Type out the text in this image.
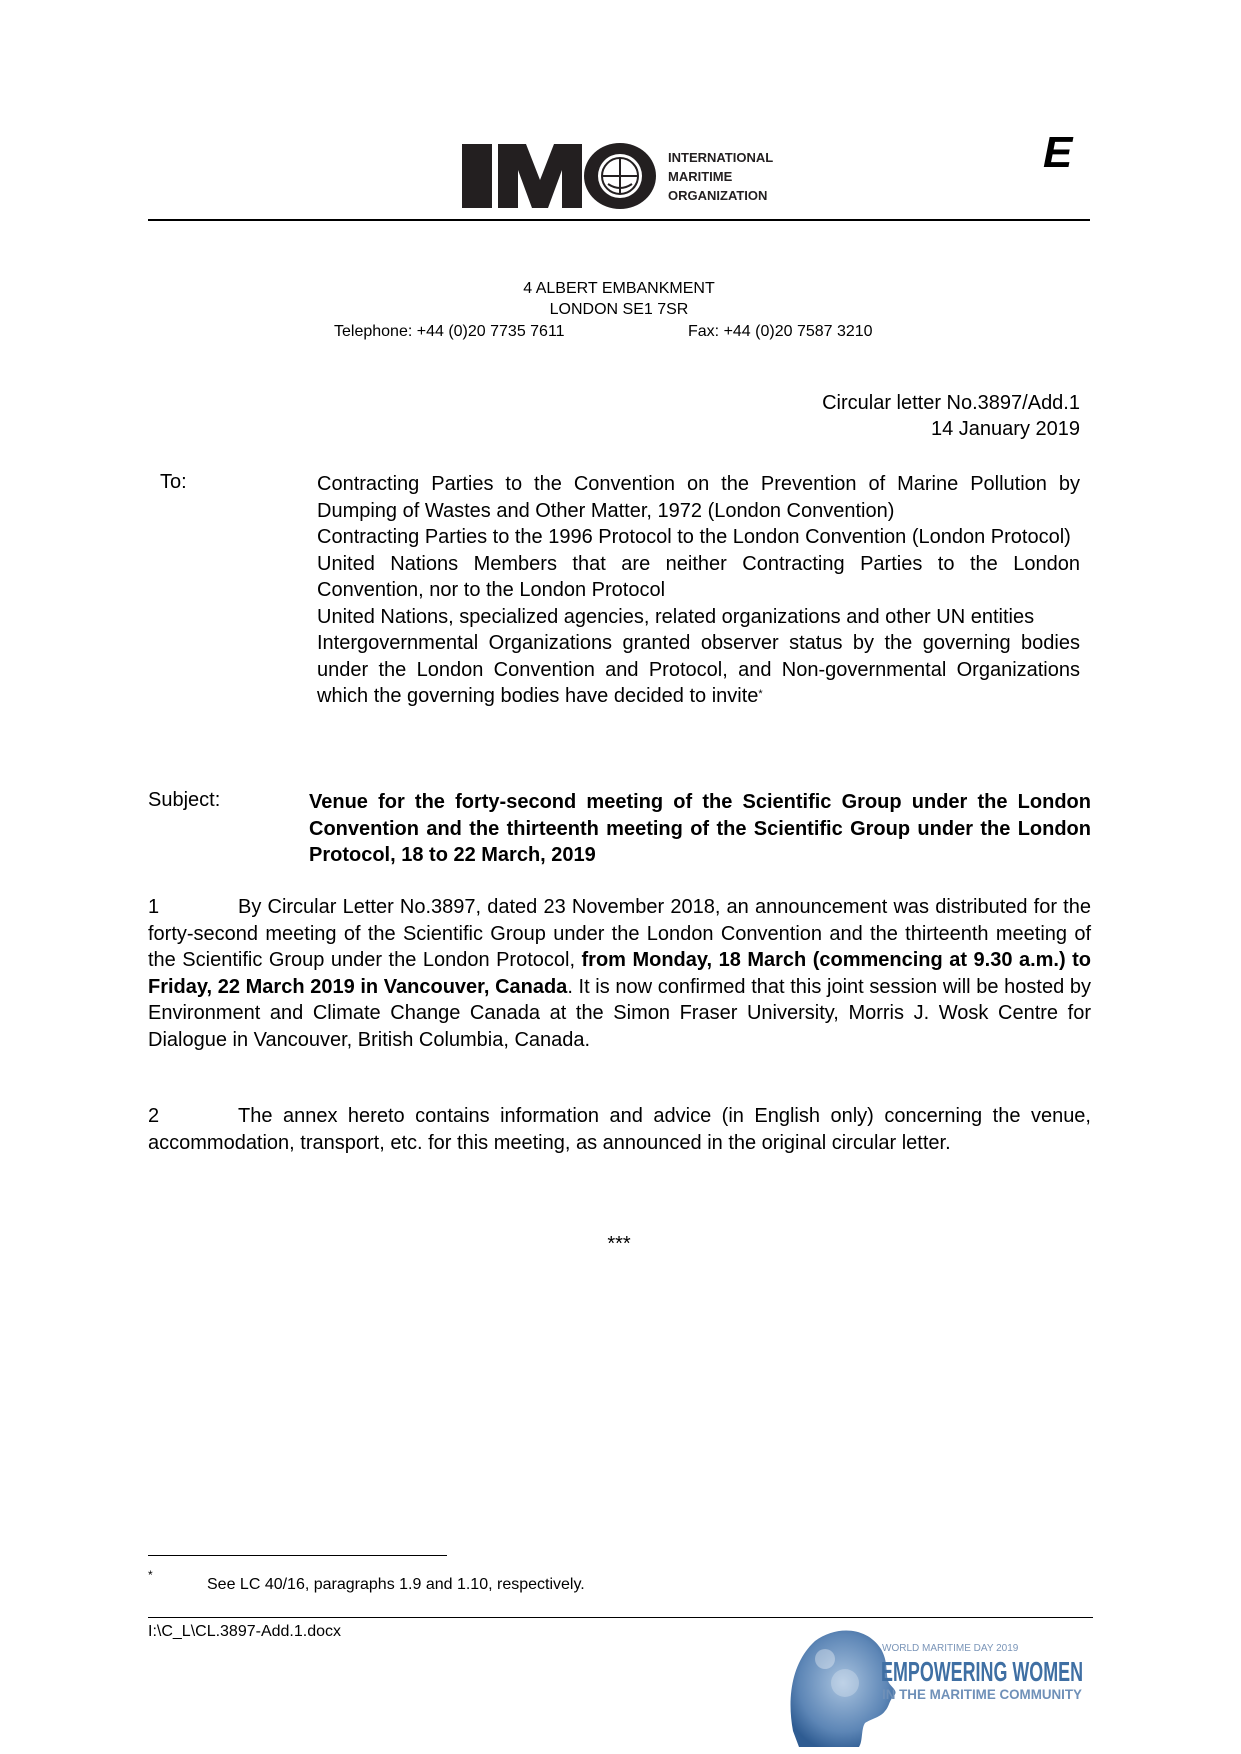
INTERNATIONAL
MARITIME
ORGANIZATION
E
4 ALBERT EMBANKMENT
LONDON SE1 7SR
Telephone: +44 (0)20 7735 7611	Fax: +44 (0)20 7587 3210
Circular letter No.3897/Add.1
14 January 2019
To:	Contracting Parties to the Convention on the Prevention of Marine Pollution by Dumping of Wastes and Other Matter, 1972 (London Convention)
Contracting Parties to the 1996 Protocol to the London Convention (London Protocol)
United Nations Members that are neither Contracting Parties to the London Convention, nor to the London Protocol
United Nations, specialized agencies, related organizations and other UN entities
Intergovernmental Organizations granted observer status by the governing bodies under the London Convention and Protocol, and Non-governmental Organizations which the governing bodies have decided to invite*
Subject:	Venue for the forty-second meeting of the Scientific Group under the London Convention and the thirteenth meeting of the Scientific Group under the London Protocol, 18 to 22 March, 2019
1	By Circular Letter No.3897, dated 23 November 2018, an announcement was distributed for the forty-second meeting of the Scientific Group under the London Convention and the thirteenth meeting of the Scientific Group under the London Protocol, from Monday, 18 March (commencing at 9.30 a.m.) to Friday, 22 March 2019 in Vancouver, Canada. It is now confirmed that this joint session will be hosted by Environment and Climate Change Canada at the Simon Fraser University, Morris J. Wosk Centre for Dialogue in Vancouver, British Columbia, Canada.
2	The annex hereto contains information and advice (in English only) concerning the venue, accommodation, transport, etc. for this meeting, as announced in the original circular letter.
***
*
See LC 40/16, paragraphs 1.9 and 1.10, respectively.
I:\C_L\CL.3897-Add.1.docx
WORLD MARITIME DAY 2019
EMPOWERING WOMEN
IN THE MARITIME COMMUNITY
